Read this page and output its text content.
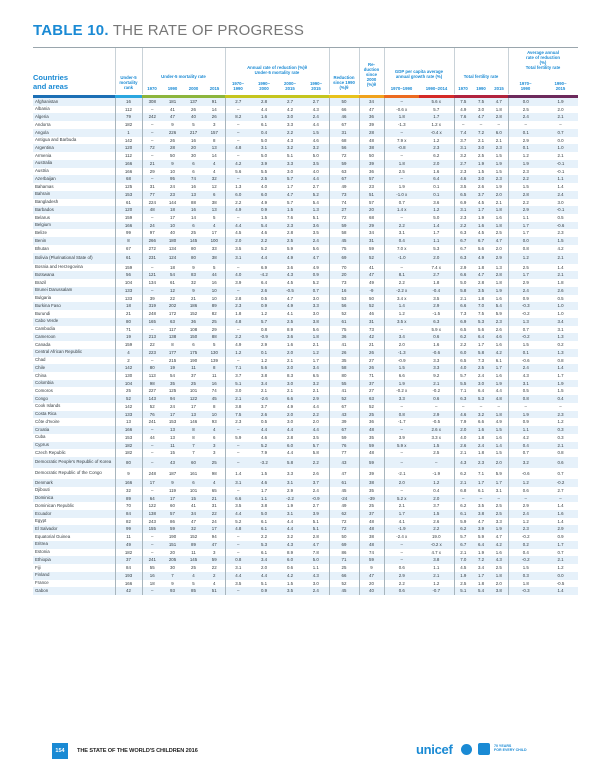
TABLE 10. THE RATE OF PROGRESS
Countries
and areas
Under-5
mortality
rank
Under-5 mortality rate
1970	1990	2000	2015
Annual rate of reduction (%)θ
Under-5 mortality rate
1970–
1990
1990–
2000
2000–
2015
1990–
2015
Reduction
since 1990
(%)θ
Re-
duction
since
2000
(%)θ
GDP per capita average
annual growth rate (%)
1970–1990	1990–2014
Total fertility rate
1970	1990	2015
Average annual
rate of reduction
(%)
Total fertility rate
1970–
1990
1990–
2015
Afghanistan	16	308	181	137	91	2.7	2.8	2.7	2.7	50	34	–	5.6 x	7.5	7.5	4.7	0.0	1.9
Albania	112	–	41	26	14	–	4.4	4.2	4.3	66	47	-0.6 x	5.7	4.9	3.0	1.8	2.5	2.0
Algeria	79	242	47	40	26	8.2	1.6	3.0	2.4	46	36	1.8	1.7	7.6	4.7	2.8	2.4	2.1
Andorra	182	–	9	5	3	–	6.1	3.3	4.4	67	39	-1.3	1.2 x	–	–	–	–	–
Angola	1	–	226	217	157	–	0.4	2.2	1.5	31	28	–	-0.4 x	7.4	7.2	6.0	0.1	0.7
Antigua and Barbuda	142	–	26	16	8	–	5.0	4.3	4.6	68	48	7.9 x	1.2	3.7	2.1	2.1	2.9	0.0
Argentina	120	72	28	20	13	4.8	3.1	3.2	3.2	56	38	-0.8	2.3	3.1	3.0	2.3	0.1	1.0
Armenia	112	–	50	30	14	–	5.0	5.1	5.0	72	50	–	6.2	3.2	2.5	1.5	1.2	2.1
Australia	166	21	9	6	4	4.2	3.9	3.3	3.5	59	39	1.8	2.0	2.7	1.9	1.9	1.9	-0.1
Austria	166	29	10	6	4	5.6	5.5	3.0	4.0	63	36	2.5	1.6	2.3	1.5	1.5	2.3	-0.1
Azerbaijan	68	–	95	74	32	–	2.5	5.7	4.4	67	57	–	6.4	4.6	3.0	2.3	2.2	1.1
Bahamas	125	31	24	16	12	1.3	4.0	1.7	2.7	49	23	1.9	0.1	3.5	2.6	1.9	1.5	1.4
Bahrain	153	77	23	13	6	6.0	6.0	4.7	5.2	73	51	-1.0 x	0.1	6.5	3.7	2.0	2.8	2.4
Bangladesh	61	224	144	88	38	2.2	4.9	5.7	5.4	74	57	0.7	3.6	6.9	4.5	2.1	2.2	3.0
Barbados	120	48	18	16	13	4.9	0.9	1.5	1.3	27	20	1.4 x	1.2	3.1	1.7	1.8	2.9	-0.1
Belarus	159	–	17	14	5	–	1.5	7.6	5.1	72	68	–	5.0	2.3	1.9	1.6	1.1	0.5
Belgium	166	24	10	6	4	4.4	5.4	2.3	3.6	59	29	2.2	1.4	2.2	1.6	1.8	1.7	-0.6
Belize	99	97	40	25	17	4.5	4.6	2.8	3.5	58	34	3.1	1.7	6.3	4.5	2.5	1.7	2.3
Benin	8	266	180	145	100	2.0	2.2	2.5	2.4	45	31	0.4	1.1	6.7	6.7	4.7	0.0	1.5
Bhutan	67	272	134	80	33	3.5	5.2	5.9	5.6	75	59	7.0 x	5.3	6.7	5.6	2.0	0.8	4.2
Bolivia (Plurinational State of)	61	231	124	80	38	3.1	4.4	4.9	4.7	69	52	-1.0	2.0	6.3	4.9	2.9	1.2	2.1
Bosnia and Herzegovina	159	–	18	9	5	–	6.9	3.6	4.9	70	41	–	7.4 x	2.9	1.8	1.3	2.5	1.4
Botswana	56	121	54	83	44	4.0	-4.2	4.3	0.9	20	47	8.1	2.7	6.6	4.7	2.8	1.7	2.1
Brazil	104	134	61	32	16	3.9	6.4	4.5	5.2	73	49	2.2	1.8	5.0	2.8	1.8	2.9	1.8
Brunei Darussalam	133	–	12	9	10	–	2.6	-0.5	0.7	16	-9	-2.2 x	-0.4	5.8	3.5	1.9	2.4	2.6
Bulgaria	133	39	22	21	10	2.8	0.5	4.7	3.0	53	50	3.4 x	3.5	2.1	1.8	1.6	0.9	0.5
Burkina Faso	18	319	202	186	89	2.3	0.9	4.9	3.3	56	52	1.4	2.9	6.6	7.0	5.4	-0.3	1.0
Burundi	21	248	172	152	82	1.8	1.2	4.1	3.0	52	46	1.2	-1.5	7.3	7.5	5.9	-0.2	1.0
Cabo Verde	80	165	63	36	25	4.8	5.7	2.5	3.8	61	31	3.5 x	6.3	6.9	5.3	2.3	1.3	3.4
Cambodia	71	–	117	108	29	–	0.8	8.9	5.6	75	73	–	5.9 x	6.5	5.6	2.6	0.7	3.1
Cameroon	19	213	138	150	88	2.2	-0.9	3.6	1.8	36	42	3.4	0.6	6.2	6.4	4.6	-0.2	1.3
Canada	159	22	8	6	5	4.9	2.9	1.6	2.1	41	21	2.0	1.6	2.2	1.7	1.6	1.5	0.2
Central African Republic	4	223	177	175	130	1.2	0.1	2.0	1.2	26	26	-1.3	-0.6	6.0	5.8	4.2	0.1	1.3
Chad	2	–	215	190	139	–	1.2	2.1	1.7	35	27	-0.9	3.3	6.5	7.3	6.1	-0.6	0.8
Chile	142	80	19	11	8	7.1	5.6	2.0	3.4	58	26	1.5	3.3	4.0	2.5	1.7	2.4	1.4
China	130	113	54	37	11	3.7	3.8	8.3	6.5	80	71	6.6	9.2	5.7	2.4	1.6	4.3	1.7
Colombia	104	98	35	25	16	5.1	3.4	3.0	3.2	55	37	1.9	2.1	5.5	3.0	1.9	3.1	1.9
Comoros	25	227	125	101	74	3.0	2.1	2.1	2.1	41	27	-0.2 x	-0.2	7.1	6.4	4.4	0.5	1.5
Congo	52	143	94	122	45	2.1	-2.6	6.6	2.9	52	63	3.3	0.6	6.3	5.3	4.8	0.8	0.4
Cook Islands	142	52	24	17	8	3.8	3.7	4.9	4.4	67	52	–	–	–	–	–	–	–
Costa Rica	133	76	17	13	10	7.5	2.6	2.0	2.2	43	25	0.8	2.9	4.6	3.2	1.8	1.9	2.3
Côte d'Ivoire	13	241	153	146	93	2.3	0.5	3.0	2.0	39	36	-1.7	-0.5	7.9	6.6	4.9	0.9	1.2
Croatia	166	–	13	8	4	–	4.4	4.4	4.4	67	48	–	2.6 x	2.0	1.6	1.5	1.1	0.3
Cuba	153	44	13	8	6	5.9	4.6	2.8	3.5	59	35	3.9	3.3 x	4.0	1.8	1.6	4.2	0.3
Cyprus	182	–	11	7	3	–	5.2	6.0	5.7	76	59	5.9 x	1.5	2.6	2.4	1.4	0.4	2.1
Czech Republic	182	–	15	7	3	–	7.9	4.4	5.8	77	48	–	2.5	2.1	1.8	1.5	0.7	0.8
Democratic People's Republic of Korea	80	–	43	60	25	–	-3.2	5.8	2.2	43	59	–	–	4.3	2.3	2.0	3.2	0.6
Democratic Republic of the Congo	9	248	187	161	98	1.4	1.5	3.3	2.6	47	39	-2.1	-1.9	6.2	7.1	5.9	-0.6	0.7
Denmark	166	17	9	6	4	3.1	4.6	3.1	3.7	61	38	2.0	1.2	2.1	1.7	1.7	1.2	-0.2
Djibouti	32	–	119	101	65	–	1.7	2.9	2.4	45	35	–	0.4	6.8	6.1	3.1	0.6	2.7
Dominica	89	64	17	15	21	6.6	1.1	-2.2	-0.9	-24	-39	5.2 x	2.0	–	–	–	–	–
Dominican Republic	70	122	60	41	31	3.5	3.8	1.9	2.7	49	25	2.1	3.7	6.2	3.5	2.5	2.9	1.4
Ecuador	84	138	57	34	22	4.4	5.0	3.1	3.9	62	37	1.7	1.5	6.1	3.8	2.5	2.4	1.6
Egypt	82	243	86	47	24	5.2	6.1	4.4	5.1	72	48	4.1	2.6	5.9	4.7	3.3	1.2	1.4
El Salvador	99	155	59	32	17	4.8	6.1	4.4	5.1	72	48	-1.9	2.2	6.2	3.9	1.9	2.3	2.9
Equatorial Guinea	11	–	190	152	94	–	2.2	3.2	2.8	50	38	-2.4 x	19.0	5.7	5.9	4.7	-0.2	0.9
Eritrea	49	–	151	89	47	–	5.3	4.3	4.7	69	48	–	-0.2 x	6.7	6.4	4.2	0.2	1.7
Estonia	182	–	20	11	3	–	6.1	8.9	7.8	86	74	–	4.7 x	2.1	1.9	1.6	0.4	0.7
Ethiopia	37	241	205	145	59	0.8	3.4	6.0	5.0	71	59	–	3.8	7.0	7.2	4.3	-0.2	2.1
Fiji	84	55	30	25	22	3.1	2.0	0.6	1.1	25	9	0.6	1.1	4.5	3.4	2.5	1.5	1.2
Finland	193	16	7	4	2	4.4	4.4	4.2	4.3	66	47	2.9	2.1	1.9	1.7	1.8	0.3	0.0
France	166	18	9	5	4	3.5	5.1	1.5	3.0	52	20	2.2	1.2	2.5	1.8	2.0	1.8	-0.5
Gabon	42	–	93	85	51	–	0.9	3.5	2.4	45	40	0.6	-0.7	5.1	5.4	3.8	-0.3	1.4
154	THE STATE OF THE WORLD'S CHILDREN 2016	unicef	70 YEARS
FOR EVERY CHILD
